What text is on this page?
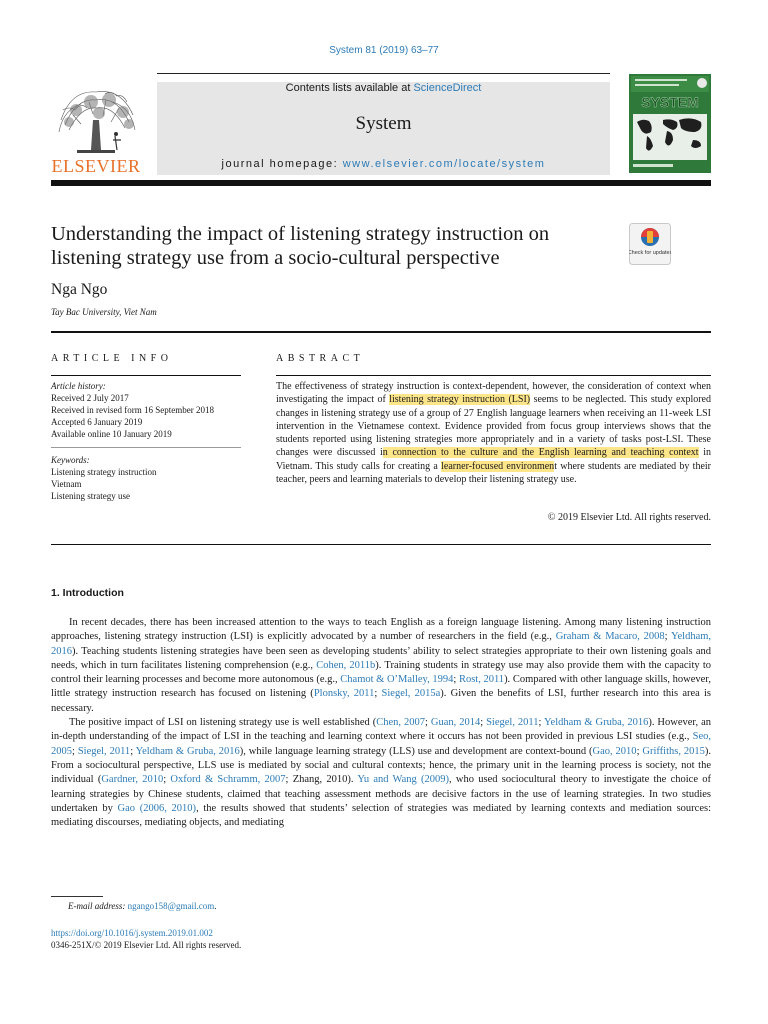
System 81 (2019) 63–77
ELSEVIER
Contents lists available at ScienceDirect
System
journal homepage: www.elsevier.com/locate/system
SYSTEM
Understanding the impact of listening strategy instruction on listening strategy use from a socio-cultural perspective	Check for updates
Nga Ngo
Tay Bac University, Viet Nam
ARTICLE INFO
Article history:
Received 2 July 2017
Received in revised form 16 September 2018
Accepted 6 January 2019
Available online 10 January 2019
Keywords:
Listening strategy instruction
Vietnam
Listening strategy use
ABSTRACT
The effectiveness of strategy instruction is context-dependent, however, the consideration of context when investigating the impact of listening strategy instruction (LSI) seems to be neglected. This study explored changes in listening strategy use of a group of 27 English language learners when receiving an 11-week LSI intervention in the Vietnamese context. Evidence provided from focus group interviews shows that the students reported using listening strategies more appropriately and in a variety of tasks post-LSI. These changes were discussed in connection to the culture and the English learning and teaching context in Vietnam. This study calls for creating a learner-focused environment where students are mediated by their teacher, peers and learning materials to develop their listening strategy use.
© 2019 Elsevier Ltd. All rights reserved.
1. Introduction

In recent decades, there has been increased attention to the ways to teach English as a foreign language listening. Among many listening instruction approaches, listening strategy instruction (LSI) is explicitly advocated by a number of researchers in the field (e.g., Graham & Macaro, 2008; Yeldham, 2016). Teaching students listening strategies have been seen as developing students’ ability to select strategies appropriate to their own listening goals and needs, which in turn facilitates listening comprehension (e.g., Cohen, 2011b). Training students in strategy use may also provide them with the capacity to control their learning processes and become more autonomous (e.g., Chamot & O’Malley, 1994; Rost, 2011). Compared with other language skills, however, little strategy instruction research has focused on listening (Plonsky, 2011; Siegel, 2015a). Given the benefits of LSI, further research into this area is necessary.

The positive impact of LSI on listening strategy use is well established (Chen, 2007; Guan, 2014; Siegel, 2011; Yeldham & Gruba, 2016). However, an in-depth understanding of the impact of LSI in the teaching and learning context where it occurs has not been provided in previous LSI studies (e.g., Seo, 2005; Siegel, 2011; Yeldham & Gruba, 2016), while language learning strategy (LLS) use and development are context-bound (Gao, 2010; Griffiths, 2015). From a sociocultural perspective, LLS use is mediated by social and cultural contexts; hence, the primary unit in the learning process is society, not the individual (Gardner, 2010; Oxford & Schramm, 2007; Zhang, 2010). Yu and Wang (2009), who used sociocultural theory to investigate the choice of learning strategies by Chinese students, claimed that teaching assessment methods are decisive factors in the use of learning strategies. In two studies undertaken by Gao (2006, 2010), the results showed that students’ selection of strategies was mediated by learning contexts and mediation sources: mediating discourses, mediating objects, and mediating

E-mail address: ngango158@gmail.com.
https://doi.org/10.1016/j.system.2019.01.002
0346-251X/© 2019 Elsevier Ltd. All rights reserved.
